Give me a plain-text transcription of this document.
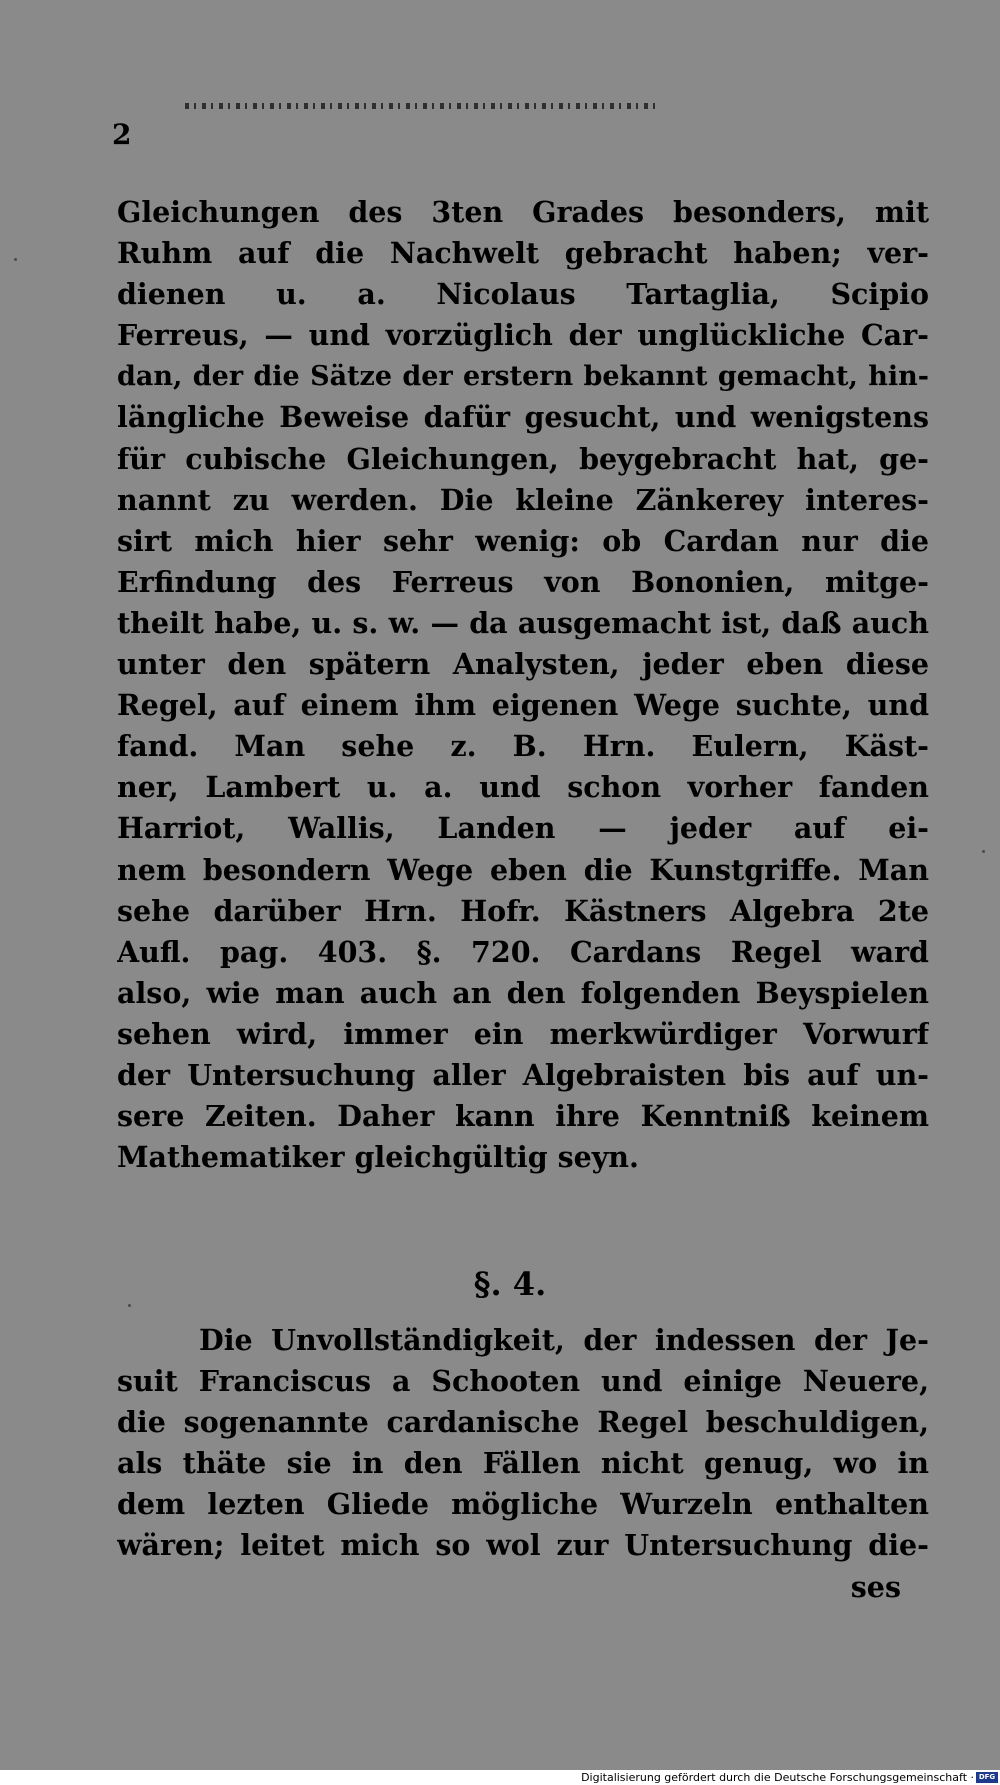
2
Gleichungen des 3ten Grades besonders, mit
Ruhm auf die Nachwelt gebracht haben; ver-
dienen u. a. Nicolaus Tartaglia, Scipio
Ferreus, — und vorzüglich der unglückliche Car-
dan, der die Sätze der erstern bekannt gemacht, hin-
längliche Beweise dafür gesucht, und wenigstens
für cubische Gleichungen, beygebracht hat, ge-
nannt zu werden. Die kleine Zänkerey interes-
sirt mich hier sehr wenig: ob Cardan nur die
Erfindung des Ferreus von Bononien, mitge-
theilt habe, u. s. w. — da ausgemacht ist, daß auch
unter den spätern Analysten, jeder eben diese
Regel, auf einem ihm eigenen Wege suchte, und
fand. Man sehe z. B. Hrn. Eulern, Käst-
ner, Lambert u. a. und schon vorher fanden
Harriot, Wallis, Landen — jeder auf ei-
nem besondern Wege eben die Kunstgriffe. Man
sehe darüber Hrn. Hofr. Kästners Algebra 2te
Aufl. pag. 403. §. 720. Cardans Regel ward
also, wie man auch an den folgenden Beyspielen
sehen wird, immer ein merkwürdiger Vorwurf
der Untersuchung aller Algebraisten bis auf un-
sere Zeiten. Daher kann ihre Kenntniß keinem
Mathematiker gleichgültig seyn.
§. 4.
Die Unvollständigkeit, der indessen der Je-
suit Franciscus a Schooten und einige Neuere,
die sogenannte cardanische Regel beschuldigen,
als thäte sie in den Fällen nicht genug, wo in
dem lezten Gliede mögliche Wurzeln enthalten
wären; leitet mich so wol zur Untersuchung die-
ses
Digitalisierung gefördert durch die Deutsche Forschungsgemeinschaft · DFG
